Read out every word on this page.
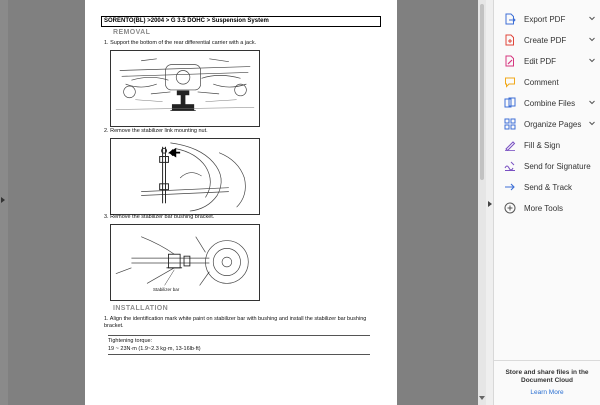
SORENTO(BL) >2004 > G 3.5 DOHC > Suspension System
REMOVAL
1. Support the bottom of the rear differential carrier with a jack.
2. Remove the stabilizer link mounting nut.
3. Remove the stabilizer bar bushing bracket.
Stabilizer bar
INSTALLATION
1. Align the identification mark white paint on stabilizer bar with bushing and install the stabilizer bar bushing bracket.
Tightening torque:
19 ~ 23N·m (1.9~2.3 kg·m, 13-16lb·ft)
Export PDF
Create PDF
Edit PDF
Comment
Combine Files
Organize Pages
Fill & Sign
Send for Signature
Send & Track
More Tools
Store and share files in the Document Cloud
Learn More
